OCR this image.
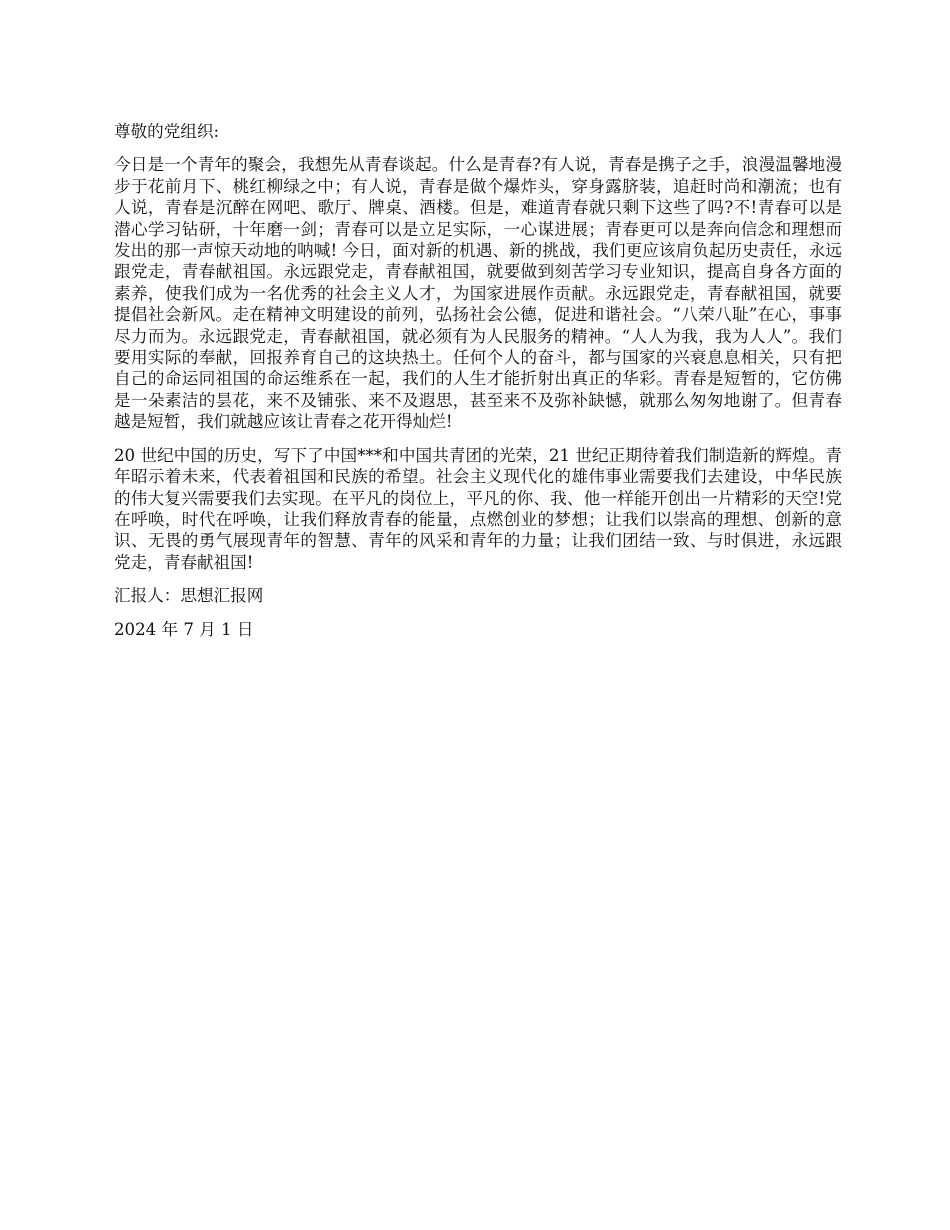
尊敬的党组织:

今日是一个青年的聚会，我想先从青春谈起。什么是青春?有人说，青春是携子之手，浪漫温馨地漫步于花前月下、桃红柳绿之中；有人说，青春是做个爆炸头，穿身露脐装，追赶时尚和潮流；也有人说，青春是沉醉在网吧、歌厅、牌桌、酒楼。但是，难道青春就只剩下这些了吗?不!青春可以是潜心学习钻研，十年磨一剑；青春可以是立足实际，一心谋进展；青春更可以是奔向信念和理想而发出的那一声惊天动地的呐喊! 今日，面对新的机遇、新的挑战，我们更应该肩负起历史责任，永远跟党走，青春献祖国。永远跟党走，青春献祖国，就要做到刻苦学习专业知识，提高自身各方面的素养，使我们成为一名优秀的社会主义人才，为国家进展作贡献。永远跟党走，青春献祖国，就要提倡社会新风。走在精神文明建设的前列，弘扬社会公德，促进和谐社会。“八荣八耻”在心，事事尽力而为。永远跟党走，青春献祖国，就必须有为人民服务的精神。“人人为我，我为人人”。我们要用实际的奉献，回报养育自己的这块热土。任何个人的奋斗，都与国家的兴衰息息相关，只有把自己的命运同祖国的命运维系在一起，我们的人生才能折射出真正的华彩。青春是短暂的，它仿佛是一朵素洁的昙花，来不及铺张、来不及遐思，甚至来不及弥补缺憾，就那么匆匆地谢了。但青春越是短暂，我们就越应该让青春之花开得灿烂!

20 世纪中国的历史，写下了中国***和中国共青团的光荣，21 世纪正期待着我们制造新的辉煌。青年昭示着未来，代表着祖国和民族的希望。社会主义现代化的雄伟事业需要我们去建设，中华民族的伟大复兴需要我们去实现。在平凡的岗位上，平凡的你、我、他一样能开创出一片精彩的天空!党在呼唤，时代在呼唤，让我们释放青春的能量，点燃创业的梦想；让我们以崇高的理想、创新的意识、无畏的勇气展现青年的智慧、青年的风采和青年的力量；让我们团结一致、与时俱进，永远跟党走，青春献祖国!

汇报人：思想汇报网

2024 年 7 月 1 日
